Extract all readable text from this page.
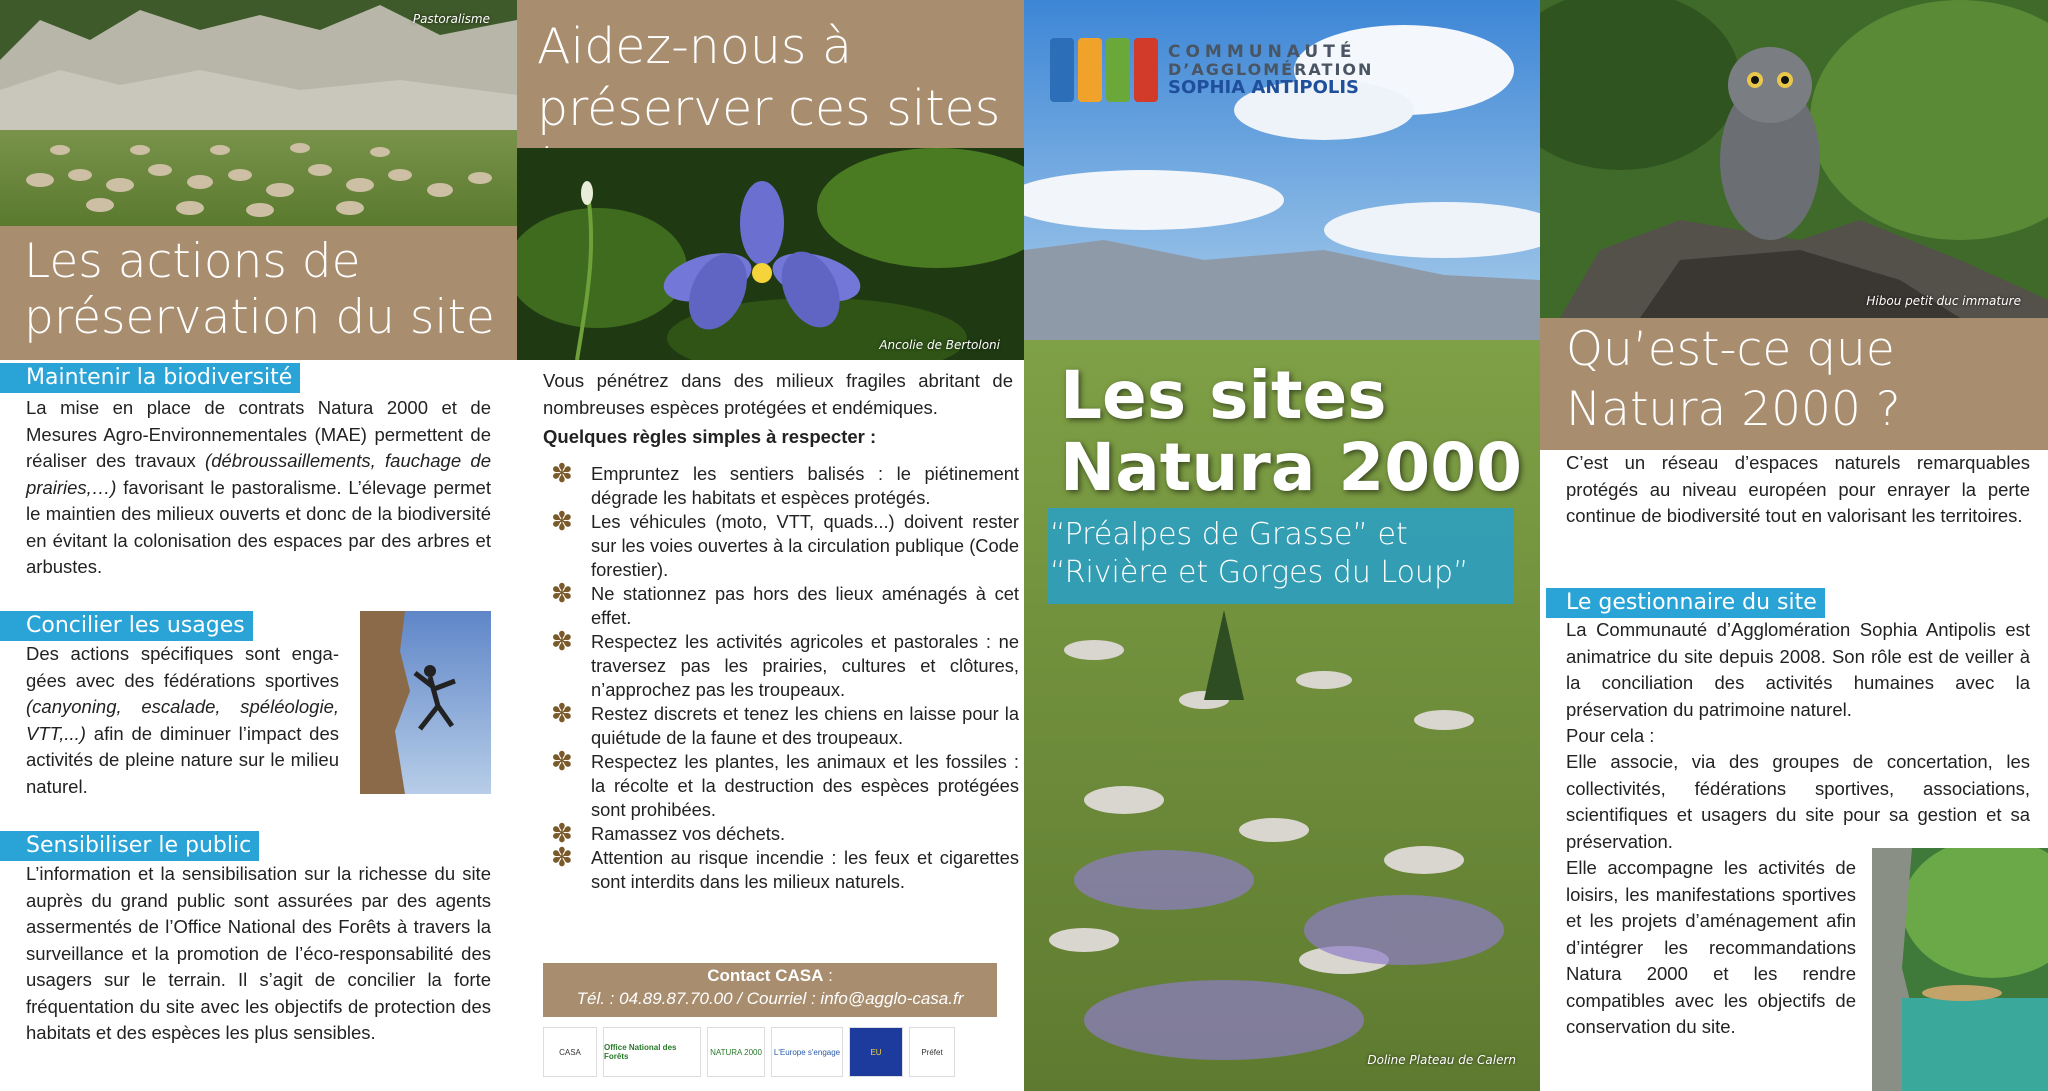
Pastoralisme
Les actions de
préservation du site
Maintenir la biodiversité
La mise en place de contrats Natura 2000 et de Mesures Agro-Environnementales (MAE) permettent de réaliser des travaux (débroussaillements, fauchage de prairies,…) favorisant le pastoralisme. L’élevage permet le maintien des milieux ouverts et donc de la biodiversité en évitant la colonisation des espaces par des arbres et arbustes.
Concilier les usages
Des actions spécifiques sont engagées avec des fédérations sportives (canyoning, escalade, spéléologie, VTT,...) afin de diminuer l’impact des activités de pleine nature sur le milieu naturel.
Sensibiliser le public
L’information et la sensibilisation sur la richesse du site auprès du grand public sont assurées par des agents assermentés de l’Office National des Forêts à travers la surveillance et la promotion de l’éco-responsabilité des usagers sur le terrain. Il s’agit de concilier la forte fréquentation du site avec les objectifs de protection des habitats et des espèces les plus sensibles.
Aidez-nous à
préserver ces sites
Ancolie de Bertoloni
Vous pénétrez dans des milieux fragiles abritant de nombreuses espèces protégées et endémiques.
Quelques règles simples à respecter :
✽ Empruntez les sentiers balisés : le piétinement dégrade les habitats et espèces protégés.
✽ Les véhicules (moto, VTT, quads...) doivent rester sur les voies ouvertes à la circulation publique (Code forestier).
✽ Ne stationnez pas hors des lieux aménagés à cet effet.
✽ Respectez les activités agricoles et pastorales : ne traversez pas les prairies, cultures et clôtures, n’approchez pas les troupeaux.
✽ Restez discrets et tenez les chiens en laisse pour la quiétude de la faune et des troupeaux.
✽ Respectez les plantes, les animaux et les fossiles : la récolte et la destruction des espèces protégées sont prohibées.
✽ Ramassez vos déchets.
✽ Attention au risque incendie : les feux et cigarettes sont interdits dans les milieux naturels.
Contact CASA :
Tél. : 04.89.87.70.00 / Courriel : info@agglo-casa.fr
CASA	Office National des Forêts	NATURA 2000	L'Europe s'engage	EU	Préfet
COMMUNAUTÉ
D’AGGLOMÉRATION
SOPHIA ANTIPOLIS
Les sites
Natura 2000
“Préalpes de Grasse” et
“Rivière et Gorges du Loup”
Doline Plateau de Calern
Hibou petit duc immature
Qu’est-ce que
Natura 2000 ?
C’est un réseau d’espaces naturels remarquables protégés au niveau européen pour enrayer la perte continue de biodiversité tout en valorisant les territoires.
Le gestionnaire du site
La Communauté d’Agglomération Sophia Antipolis est animatrice du site depuis 2008. Son rôle est de veiller à la conciliation des activités humaines avec la préservation du patrimoine naturel.
Pour cela :
Elle associe, via des groupes de concertation, les collectivités, fédérations sportives, associations, scientifiques et usagers du site pour sa gestion et sa préservation.
Elle accompagne les activités de loisirs, les manifestations sportives et les projets d’aménagement afin d’intégrer les recommandations Natura 2000 et les rendre compatibles avec les objectifs de conservation du site.
